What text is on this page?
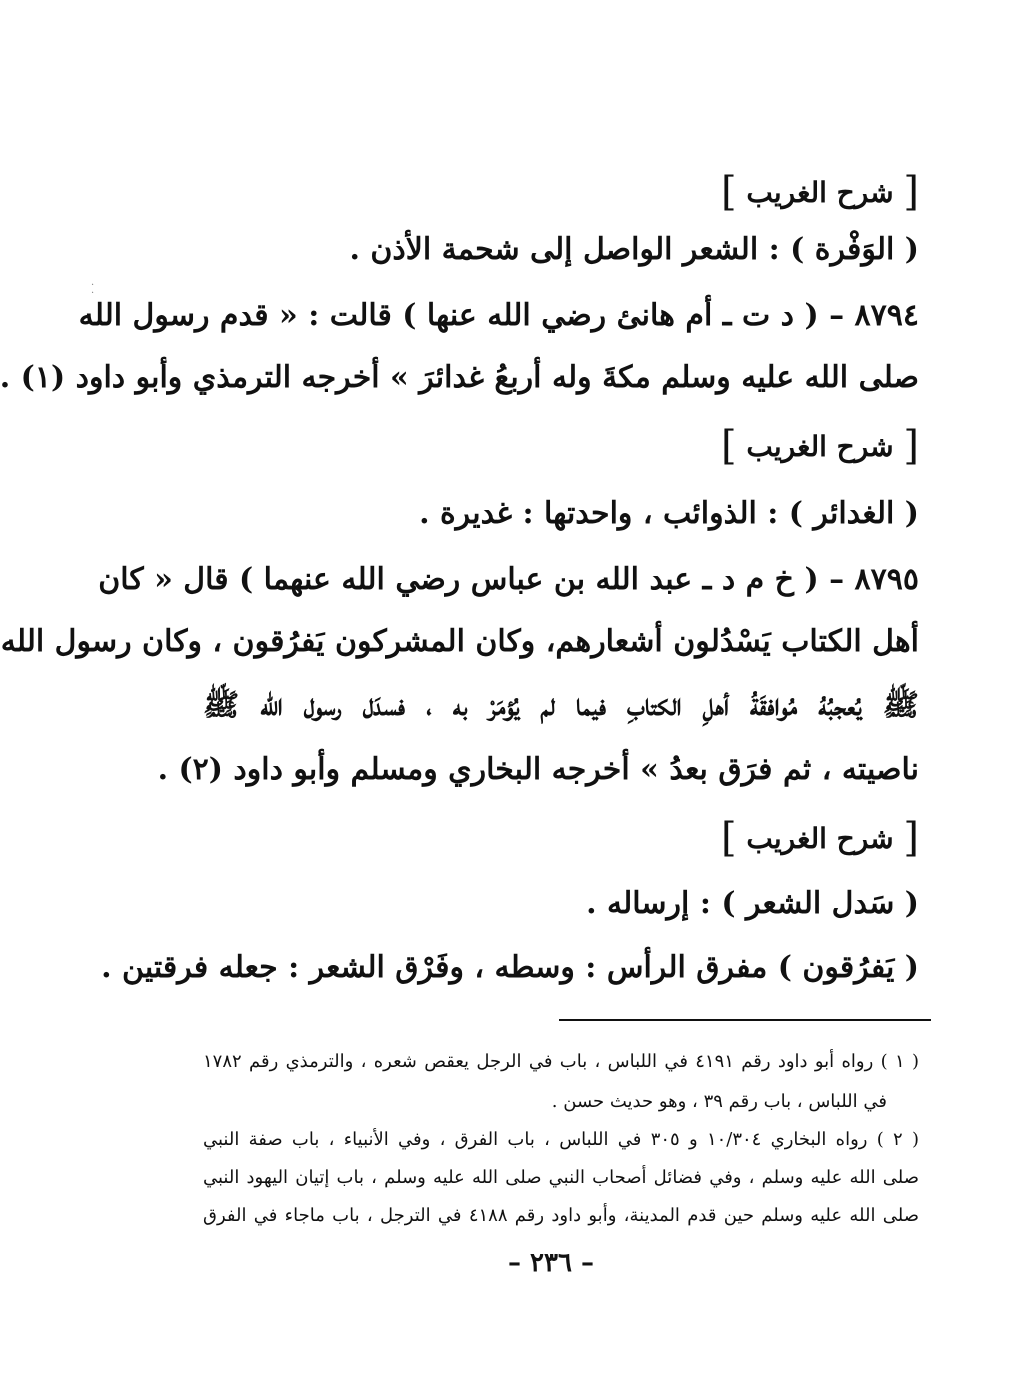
·
·
[ شرح الغريب ]
( الوَفْرة ) : الشعر الواصل إلى شحمة الأذن .
٨٧٩٤ – ( د ت ـ أم هانئ رضي الله عنها ) قالت : « قدم رسول الله
صلى الله عليه وسلم مكةَ وله أربعُ غدائرَ » أخرجه الترمذي وأبو داود (١) .
[ شرح الغريب ]
( الغدائر ) : الذوائب ، واحدتها : غديرة .
٨٧٩٥ – ( خ م د ـ عبد الله بن عباس رضي الله عنهما ) قال « كان
أهل الكتاب يَسْدُلون أشعارهم، وكان المشركون يَفرُقون ، وكان رسول الله
ﷺ يُعجبُهُ مُوافقَةُ أهلِ الكتابِ فيما لم يُؤمَرْ به ، فسدَل رسول الله ﷺ
ناصيته ، ثم فرَق بعدُ » أخرجه البخاري ومسلم وأبو داود (٢) .
[ شرح الغريب ]
( سَدل الشعر ) : إرساله .
( يَفرُقون ) مفرق الرأس : وسطه ، وفَرْق الشعر : جعله فرقتين .
( ١ ) رواه أبو داود رقم ٤١٩١ في اللباس ، باب في الرجل يعقص شعره ، والترمذي رقم ١٧٨٢
في اللباس ، باب رقم ٣٩ ، وهو حديث حسن .
( ٢ ) رواه البخاري ١٠/٣٠٤ و ٣٠٥ في اللباس ، باب الفرق ، وفي الأنبياء ، باب صفة النبي
صلى الله عليه وسلم ، وفي فضائل أصحاب النبي صلى الله عليه وسلم ، باب إتيان اليهود النبي
صلى الله عليه وسلم حين قدم المدينة، وأبو داود رقم ٤١٨٨ في الترجل ، باب ماجاء في الفرق
– ٢٣٦ –
